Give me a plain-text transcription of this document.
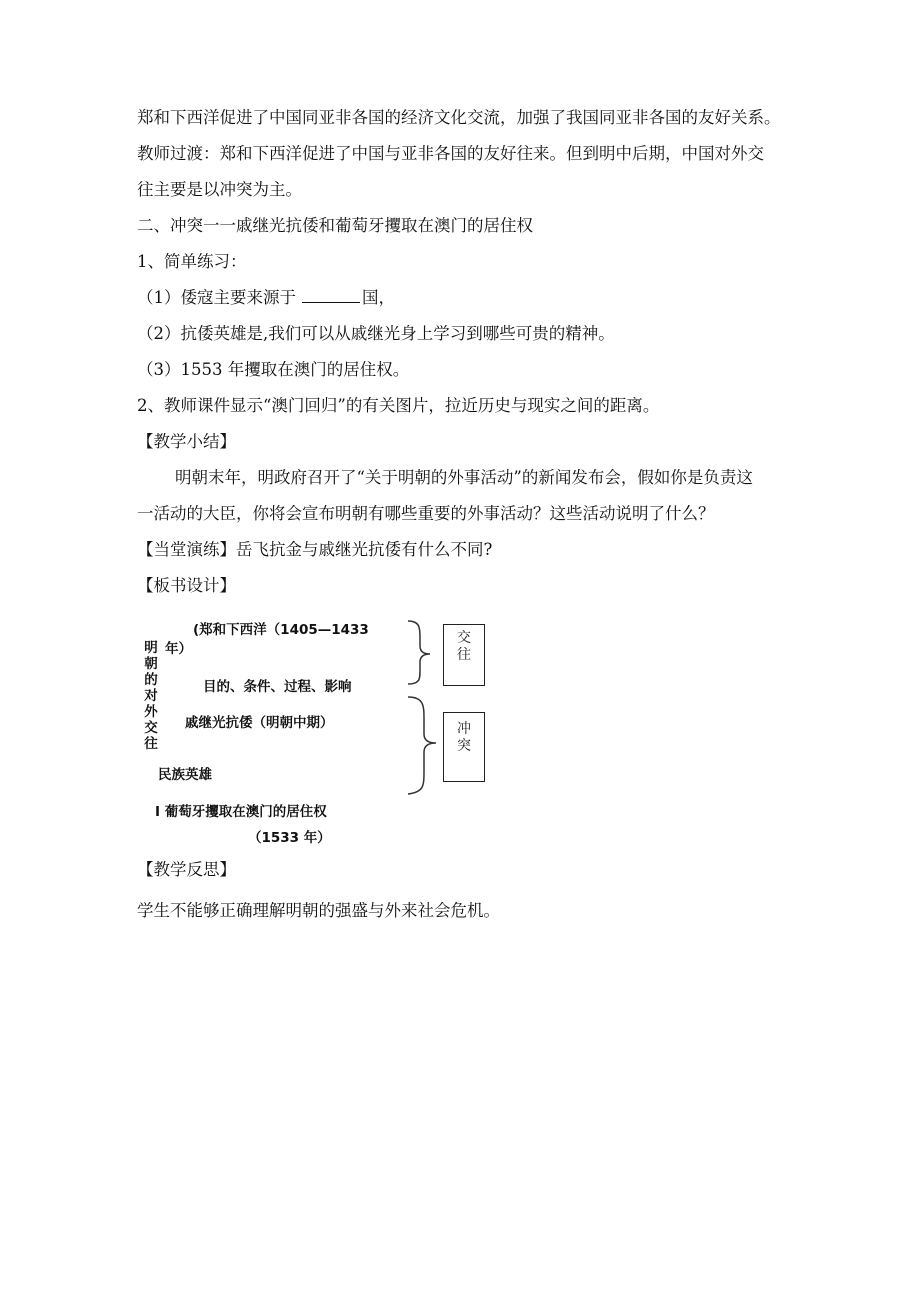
郑和下西洋促进了中国同亚非各国的经济文化交流，加强了我国同亚非各国的友好关系。
教师过渡：郑和下西洋促进了中国与亚非各国的友好往来。但到明中后期，中国对外交
往主要是以冲突为主。
二、冲突一一戚继光抗倭和葡萄牙攫取在澳门的居住权
1、简单练习：
（1）倭寇主要来源于	国，
（2）抗倭英雄是,我们可以从戚继光身上学习到哪些可贵的精神。
（3）1553 年攫取在澳门的居住权。
2、教师课件显示“澳门回归”的有关图片，拉近历史与现实之间的距离。
【教学小结】
明朝末年，明政府召开了“关于明朝的外事活动”的新闻发布会，假如你是负责这
一活动的大臣，你将会宣布明朝有哪些重要的外事活动？这些活动说明了什么？
【当堂演练】岳飞抗金与戚继光抗倭有什么不同?
【板书设计】
明朝的对外交往
(郑和下西洋（1405—1433
年）
目的、条件、过程、影响
戚继光抗倭（明朝中期）
民族英雄
I 葡萄牙攫取在澳门的居住权
（1533 年）
交往
冲突
【教学反思】
学生不能够正确理解明朝的强盛与外来社会危机。
